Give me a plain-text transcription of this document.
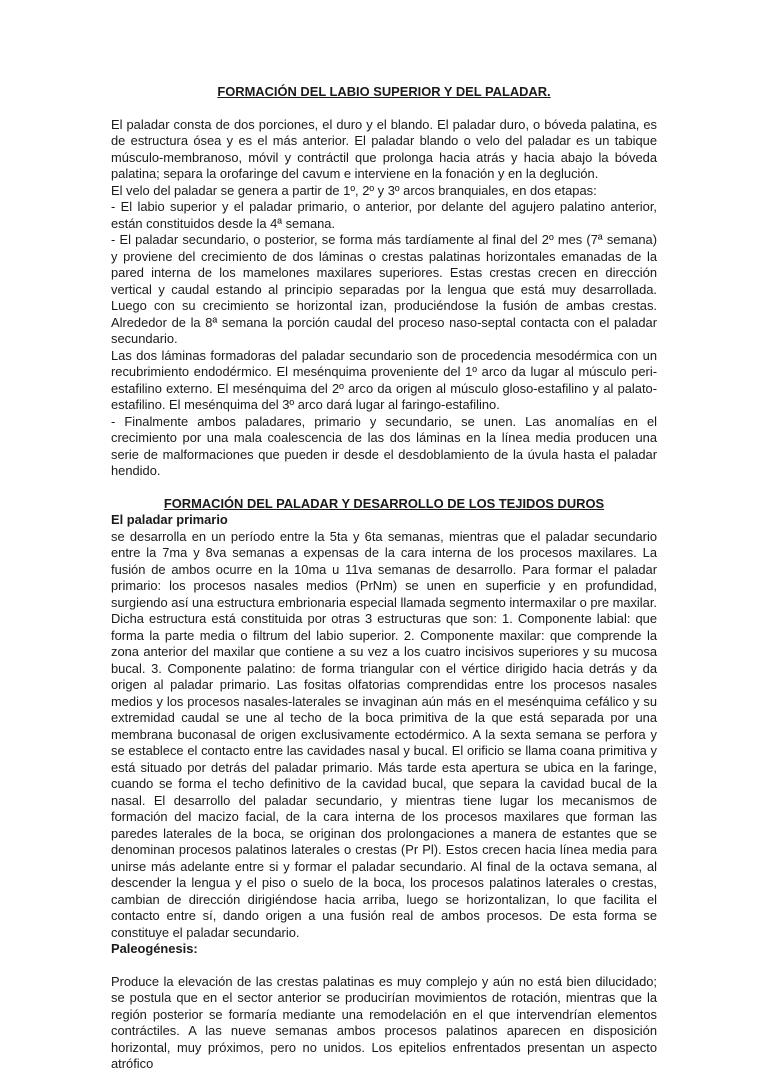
FORMACIÓN DEL LABIO SUPERIOR Y DEL PALADAR.

El paladar consta de dos porciones, el duro y el blando. El paladar duro, o bóveda palatina, es de estructura ósea y es el más anterior. El paladar blando o velo del paladar es un tabique músculo-membranoso, móvil y contráctil que prolonga hacia atrás y hacia abajo la bóveda palatina; separa la orofaringe del cavum e interviene en la fonación y en la deglución.

El velo del paladar se genera a partir de 1º, 2º y 3º arcos branquiales, en dos etapas:

- El labio superior y el paladar primario, o anterior, por delante del agujero palatino anterior, están constituidos desde la 4ª semana.

- El paladar secundario, o posterior, se forma más tardíamente al final del 2º mes (7ª semana) y proviene del crecimiento de dos láminas o crestas palatinas horizontales emanadas de la pared interna de los mamelones maxilares superiores. Estas crestas crecen en dirección vertical y caudal estando al principio separadas por la lengua que está muy desarrollada. Luego con su crecimiento se horizontal izan, produciéndose la fusión de ambas crestas. Alrededor de la 8ª semana la porción caudal del proceso naso-septal contacta con el paladar secundario.

Las dos láminas formadoras del paladar secundario son de procedencia mesodérmica con un recubrimiento endodérmico. El mesénquima proveniente del 1º arco da lugar al músculo peri-estafilino externo. El mesénquima del 2º arco da origen al músculo gloso-estafilino y al palato-estafilino. El mesénquima del 3º arco dará lugar al faringo-estafilino.

- Finalmente ambos paladares, primario y secundario, se unen. Las anomalías en el crecimiento por una mala coalescencia de las dos láminas en la línea media producen una serie de malformaciones que pueden ir desde el desdoblamiento de la úvula hasta el paladar hendido.

FORMACIÓN DEL PALADAR Y DESARROLLO DE LOS TEJIDOS DUROS

El paladar primario

se desarrolla en un período entre la 5ta y 6ta semanas, mientras que el paladar secundario entre la 7ma y 8va semanas a expensas de la cara interna de los procesos maxilares. La fusión de ambos ocurre en la 10ma u 11va semanas de desarrollo. Para formar el paladar primario: los procesos nasales medios (PrNm) se unen en superficie y en profundidad, surgiendo así una estructura embrionaria especial llamada segmento intermaxilar o pre maxilar. Dicha estructura está constituida por otras 3 estructuras que son: 1. Componente labial: que forma la parte media o filtrum del labio superior. 2. Componente maxilar: que comprende la zona anterior del maxilar que contiene a su vez a los cuatro incisivos superiores y su mucosa bucal. 3. Componente palatino: de forma triangular con el vértice dirigido hacia detrás y da origen al paladar primario. Las fositas olfatorias comprendidas entre los procesos nasales medios y los procesos nasales-laterales se invaginan aún más en el mesénquima cefálico y su extremidad caudal se une al techo de la boca primitiva de la que está separada por una membrana buconasal de origen exclusivamente ectodérmico. A la sexta semana se perfora y se establece el contacto entre las cavidades nasal y bucal. El orificio se llama coana primitiva y está situado por detrás del paladar primario. Más tarde esta apertura se ubica en la faringe, cuando se forma el techo definitivo de la cavidad bucal, que separa la cavidad bucal de la nasal. El desarrollo del paladar secundario, y mientras tiene lugar los mecanismos de formación del macizo facial, de la cara interna de los procesos maxilares que forman las paredes laterales de la boca, se originan dos prolongaciones a manera de estantes que se denominan procesos palatinos laterales o crestas (Pr Pl). Estos crecen hacia línea media para unirse más adelante entre si y formar el paladar secundario. Al final de la octava semana, al descender la lengua y el piso o suelo de la boca, los procesos palatinos laterales o crestas, cambian de dirección dirigiéndose hacia arriba, luego se horizontalizan, lo que facilita el contacto entre sí, dando origen a una fusión real de ambos procesos. De esta forma se constituye el paladar secundario.

Paleogénesis:

Produce la elevación de las crestas palatinas es muy complejo y aún no está bien dilucidado; se postula que en el sector anterior se producirían movimientos de rotación, mientras que la región posterior se formaría mediante una remodelación en el que intervendrían elementos contráctiles. A las nueve semanas ambos procesos palatinos aparecen en disposición horizontal, muy próximos, pero no unidos. Los epitelios enfrentados presentan un aspecto atrófico
